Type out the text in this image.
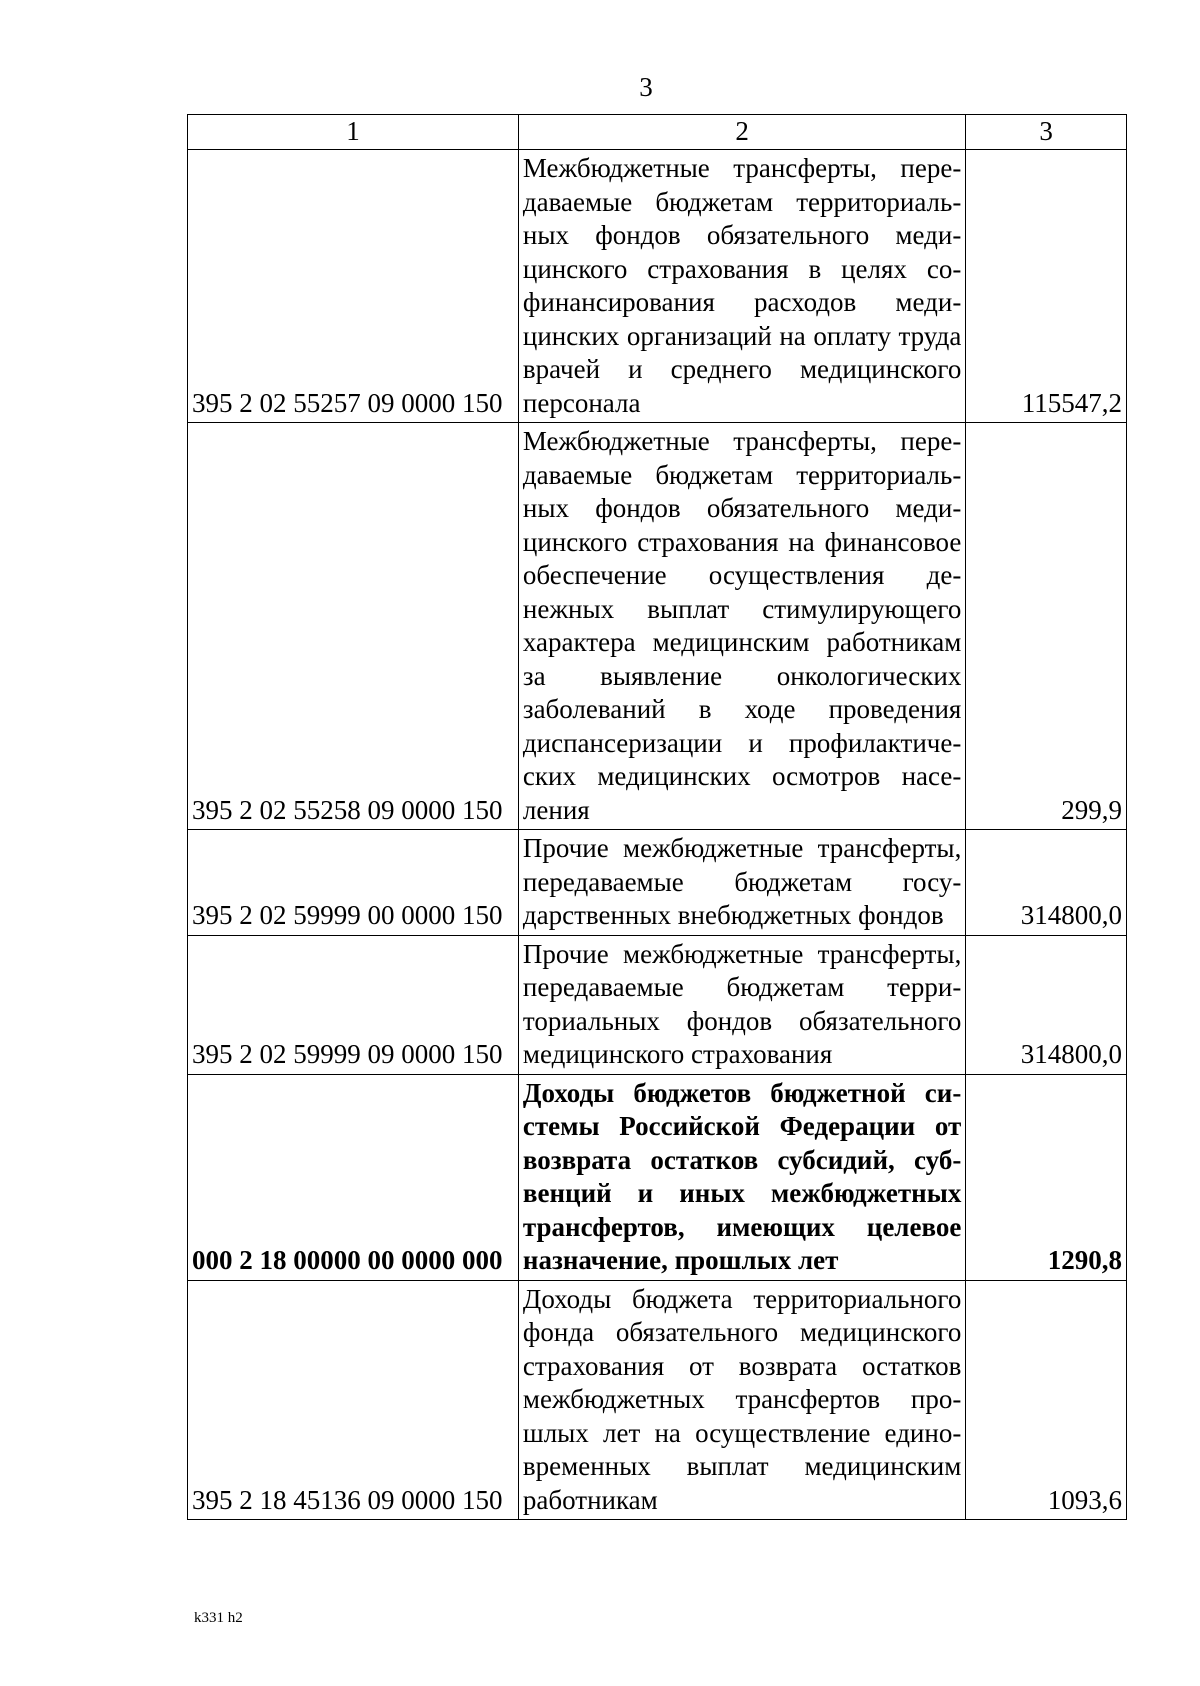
3
1	2	3
395 2 02 55257 09 0000 150	Межбюджетные трансферты, передаваемые бюджетам территориальных фондов обязательного медицинского страхования в целях софинансирования расходов медицинских организаций на оплату труда врачей и среднего медицинского персонала	115547,2
395 2 02 55258 09 0000 150	Межбюджетные трансферты, передаваемые бюджетам территориальных фондов обязательного медицинского страхования на финансовое обеспечение осуществления денежных выплат стимулирующего характера медицинским работникам за выявление онкологических заболеваний в ходе проведения диспансеризации и профилактических медицинских осмотров населения	299,9
395 2 02 59999 00 0000 150	Прочие межбюджетные трансферты, передаваемые бюджетам государственных внебюджетных фондов	314800,0
395 2 02 59999 09 0000 150	Прочие межбюджетные трансферты, передаваемые бюджетам территориальных фондов обязательного медицинского страхования	314800,0
000 2 18 00000 00 0000 000	Доходы бюджетов бюджетной системы Российской Федерации от возврата остатков субсидий, субвенций и иных межбюджетных трансфертов, имеющих целевое назначение, прошлых лет	1290,8
395 2 18 45136 09 0000 150	Доходы бюджета территориального фонда обязательного медицинского страхования от возврата остатков межбюджетных трансфертов прошлых лет на осуществление единовременных выплат медицинским работникам	1093,6
k331 h2
